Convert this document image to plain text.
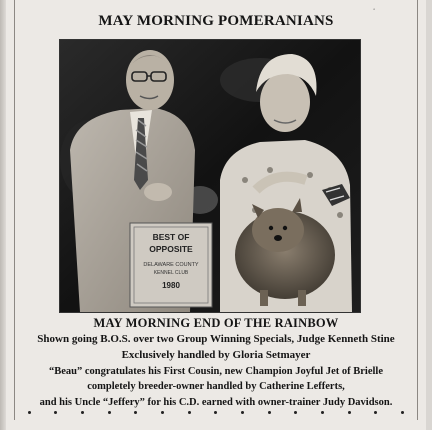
˚
MAY MORNING POMERANIANS
BEST OF
OPPOSITE
DELAWARE COUNTY
KENNEL CLUB
1980
MAY MORNING END OF THE RAINBOW
Shown going B.O.S. over two Group Winning Specials, Judge Kenneth Stine
Exclusively handled by Gloria Setmayer
“Beau” congratulates his First Cousin, new Champion Joyful Jet of Brielle
completely breeder-owner handled by Catherine Lefferts,
and his Uncle “Jeffery” for his C.D. earned with owner-trainer Judy Davidson.
